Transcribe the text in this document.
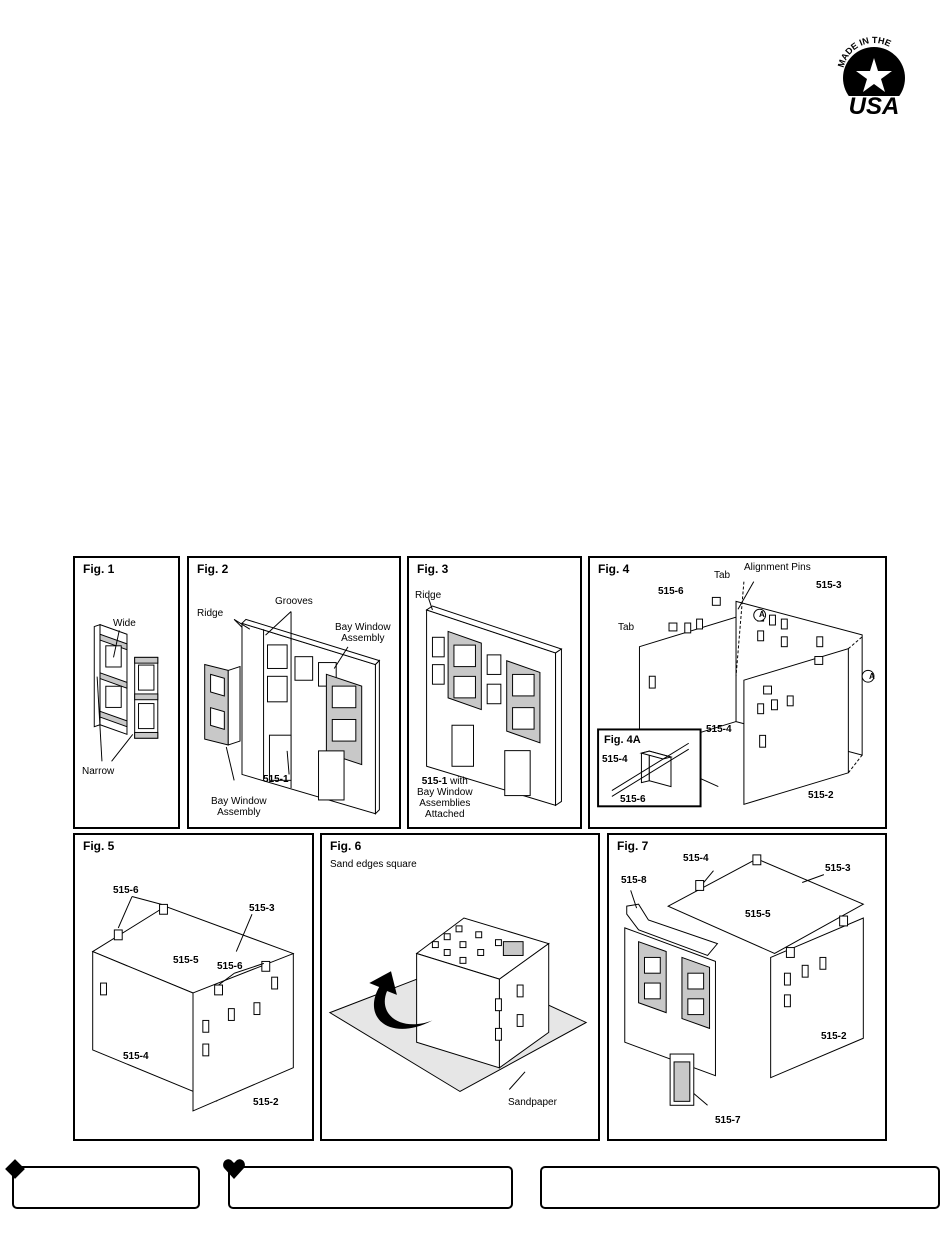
MADE IN THE
USA
Fig. 1
Wide
Narrow
Fig. 2
Ridge
Grooves
Bay Window
Assembly
515-1
Bay Window
Assembly
Fig. 3
Ridge
515-1 with
Bay Window
Assemblies
Attached
Fig. 4	Tab
Alignment Pins
515-6
515-3
Tab
A
A
515-4
515-2
Fig. 4A
515-4
515-6
Fig. 5
515-6
515-3
515-5
515-6
515-4
515-2
Fig. 6
Sand edges square
Sandpaper
Fig. 7
515-4
515-3
515-8
515-5
515-2
515-7
